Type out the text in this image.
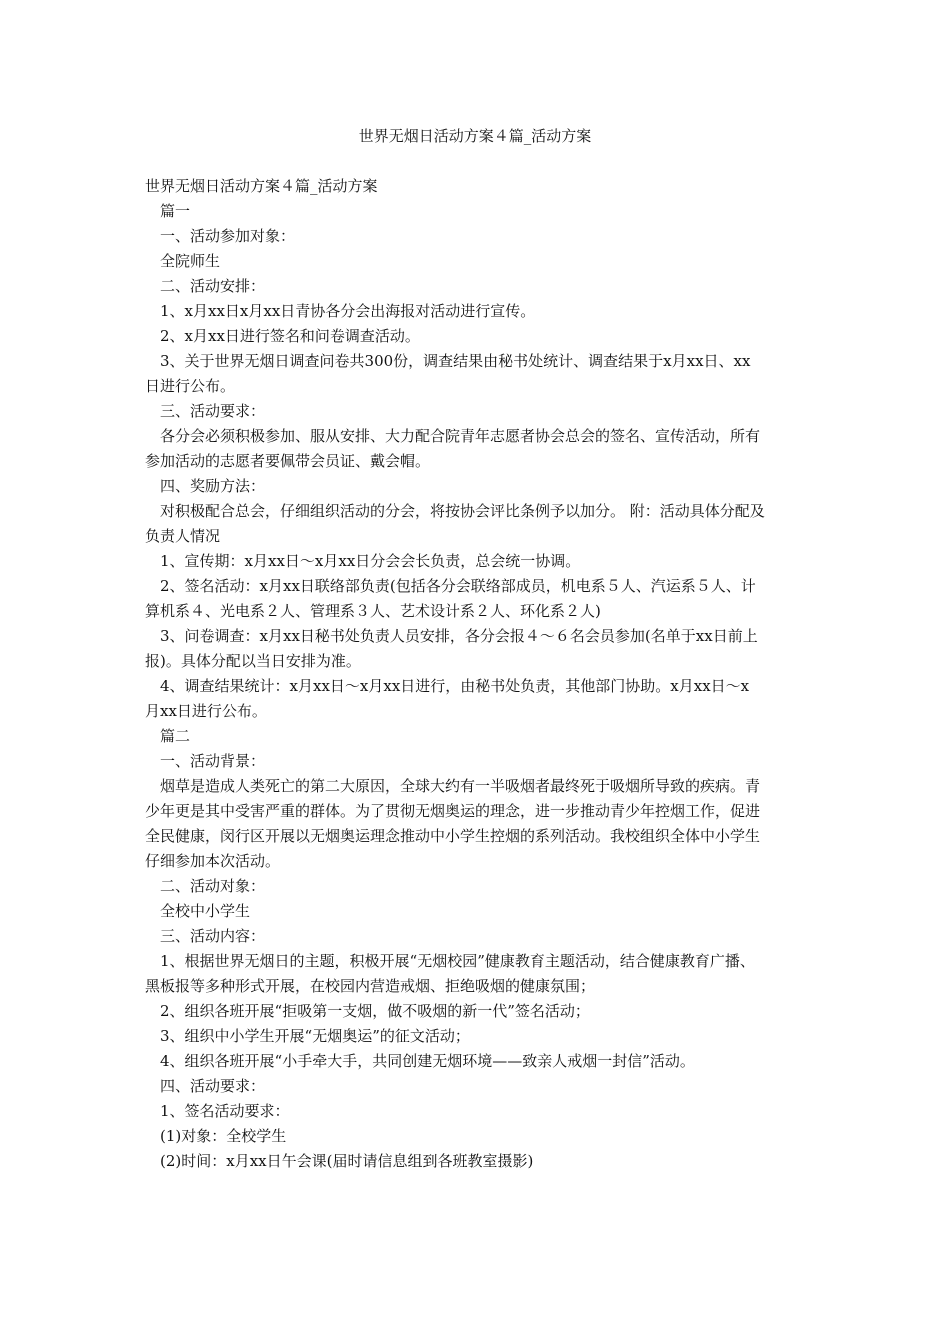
世界无烟日活动方案４篇_活动方案
世界无烟日活动方案４篇_活动方案
篇一
一、活动参加对象：
全院师生
二、活动安排：
1、x月xx日x月xx日青协各分会出海报对活动进行宣传。
2、x月xx日进行签名和问卷调查活动。
3、关于世界无烟日调查问卷共300份，调查结果由秘书处统计、调查结果于x月xx日、xx
日进行公布。
三、活动要求：
各分会必须积极参加、服从安排、大力配合院青年志愿者协会总会的签名、宣传活动，所有
参加活动的志愿者要佩带会员证、戴会帽。
四、奖励方法：
对积极配合总会，仔细组织活动的分会，将按协会评比条例予以加分。 附：活动具体分配及
负责人情况
1、宣传期：x月xx日～x月xx日分会会长负责，总会统一协调。
2、签名活动：x月xx日联络部负责(包括各分会联络部成员，机电系５人、汽运系５人、计
算机系４、光电系２人、管理系３人、艺术设计系２人、环化系２人)
3、问卷调查：x月xx日秘书处负责人员安排，各分会报４～６名会员参加(名单于xx日前上
报)。具体分配以当日安排为准。
4、调查结果统计：x月xx日～x月xx日进行，由秘书处负责，其他部门协助。x月xx日～x
月xx日进行公布。
篇二
一、活动背景：
烟草是造成人类死亡的第二大原因，全球大约有一半吸烟者最终死于吸烟所导致的疾病。青
少年更是其中受害严重的群体。为了贯彻无烟奥运的理念，进一步推动青少年控烟工作，促进
全民健康，闵行区开展以无烟奥运理念推动中小学生控烟的系列活动。我校组织全体中小学生
仔细参加本次活动。
二、活动对象：
全校中小学生
三、活动内容：
1、根据世界无烟日的主题，积极开展“无烟校园”健康教育主题活动，结合健康教育广播、
黑板报等多种形式开展，在校园内营造戒烟、拒绝吸烟的健康氛围；
2、组织各班开展“拒吸第一支烟，做不吸烟的新一代”签名活动；
3、组织中小学生开展“无烟奥运”的征文活动；
4、组织各班开展“小手牵大手，共同创建无烟环境——致亲人戒烟一封信”活动。
四、活动要求：
1、签名活动要求：
(1)对象：全校学生
(2)时间：x月xx日午会课(届时请信息组到各班教室摄影)
